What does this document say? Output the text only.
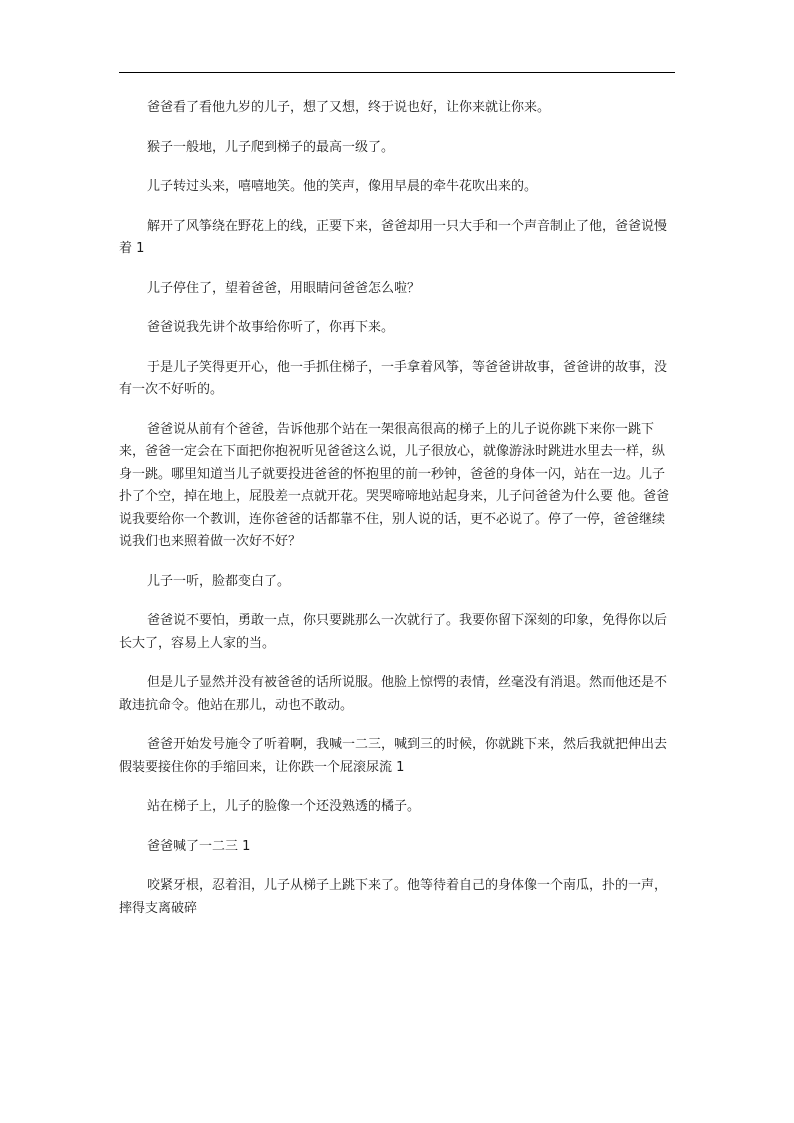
爸爸看了看他九岁的儿子，想了又想，终于说也好，让你来就让你来。

猴子一般地，儿子爬到梯子的最高一级了。

儿子转过头来，嘻嘻地笑。他的笑声，像用早晨的牵牛花吹出来的。

解开了风筝绕在野花上的线，正要下来，爸爸却用一只大手和一个声音制止了他，爸爸说慢着 1

儿子停住了，望着爸爸，用眼睛问爸爸怎么啦？

爸爸说我先讲个故事给你听了，你再下来。

于是儿子笑得更开心，他一手抓住梯子，一手拿着风筝，等爸爸讲故事，爸爸讲的故事，没有一次不好听的。

爸爸说从前有个爸爸，告诉他那个站在一架很高很高的梯子上的儿子说你跳下来你一跳下来，爸爸一定会在下面把你抱祝听见爸爸这么说，儿子很放心，就像游泳时跳进水里去一样，纵身一跳。哪里知道当儿子就要投进爸爸的怀抱里的前一秒钟，爸爸的身体一闪，站在一边。儿子扑了个空，掉在地上，屁股差一点就开花。哭哭啼啼地站起身来，儿子问爸爸为什么要 他。爸爸说我要给你一个教训，连你爸爸的话都靠不住，别人说的话，更不必说了。停了一停，爸爸继续说我们也来照着做一次好不好？

儿子一听，脸都变白了。

爸爸说不要怕，勇敢一点，你只要跳那么一次就行了。我要你留下深刻的印象，免得你以后长大了，容易上人家的当。

但是儿子显然并没有被爸爸的话所说服。他脸上惊愕的表情，丝毫没有消退。然而他还是不敢违抗命令。他站在那儿，动也不敢动。

爸爸开始发号施令了听着啊，我喊一二三，喊到三的时候，你就跳下来，然后我就把伸出去假装要接住你的手缩回来，让你跌一个屁滚尿流 1

站在梯子上，儿子的脸像一个还没熟透的橘子。

爸爸喊了一二三 1

咬紧牙根，忍着泪，儿子从梯子上跳下来了。他等待着自己的身体像一个南瓜，扑的一声，摔得支离破碎
